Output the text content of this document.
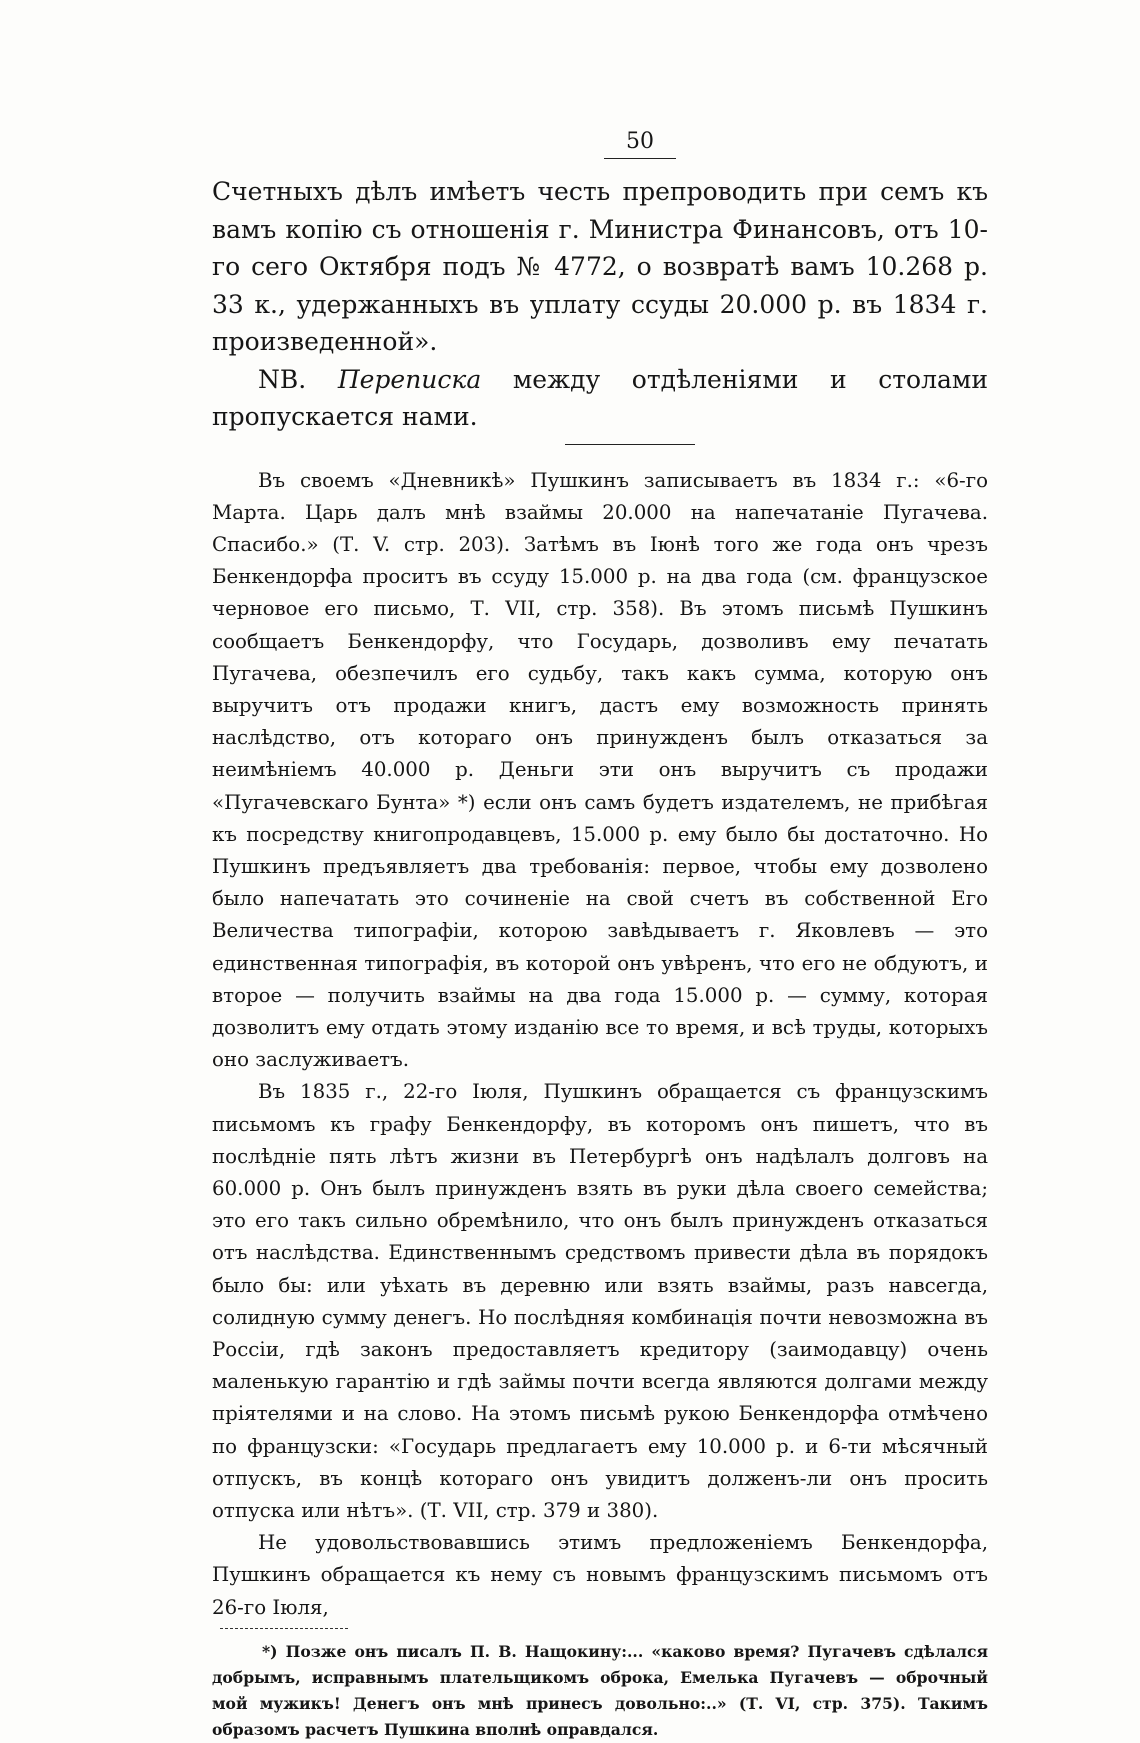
50

Счетныхъ дѣлъ имѣетъ честь препроводить при семъ къ вамъ копію съ отношенія г. Министра Финансовъ, отъ 10-го сего Октября подъ № 4772, о возвратѣ вамъ 10.268 р. 33 к., удержанныхъ въ уплату ссуды 20.000 р. въ 1834 г. произведенной».

NB. Переписка между отдѣленіями и столами пропускается нами.

Въ своемъ «Дневникѣ» Пушкинъ записываетъ въ 1834 г.: «6-го Марта. Царь далъ мнѣ взаймы 20.000 на напечатаніе Пугачева. Спасибо.» (Т. V. стр. 203). Затѣмъ въ Іюнѣ того же года онъ чрезъ Бенкендорфа проситъ въ ссуду 15.000 р. на два года (см. французское черновое его письмо, Т. VII, стр. 358). Въ этомъ письмѣ Пушкинъ сообщаетъ Бенкендорфу, что Государь, дозволивъ ему печатать Пугачева, обезпечилъ его судьбу, такъ какъ сумма, которую онъ выручитъ отъ продажи книгъ, дастъ ему возможность принять наслѣдство, отъ котораго онъ принужденъ былъ отказаться за неимѣніемъ 40.000 р. Деньги эти онъ выручитъ съ продажи «Пугачевскаго Бунта» *) если онъ самъ будетъ издателемъ, не прибѣгая къ посредству книгопродавцевъ, 15.000 р. ему было бы достаточно. Но Пушкинъ предъявляетъ два требованія: первое, чтобы ему дозволено было напечатать это сочиненіе на свой счетъ въ собственной Его Величества типографіи, которою завѣдываетъ г. Яковлевъ — это единственная типографія, въ которой онъ увѣренъ, что его не обдуютъ, и второе — получить взаймы на два года 15.000 р. — сумму, которая дозволитъ ему отдать этому изданію все то время, и всѣ труды, которыхъ оно заслуживаетъ.

Въ 1835 г., 22-го Іюля, Пушкинъ обращается съ французскимъ письмомъ къ графу Бенкендорфу, въ которомъ онъ пишетъ, что въ послѣдніе пять лѣтъ жизни въ Петербургѣ онъ надѣлалъ долговъ на 60.000 р. Онъ былъ принужденъ взять въ руки дѣла своего семейства; это его такъ сильно обремѣнило, что онъ былъ принужденъ отказаться отъ наслѣдства. Единственнымъ средствомъ привести дѣла въ порядокъ было бы: или уѣхать въ деревню или взять взаймы, разъ навсегда, солидную сумму денегъ. Но послѣдняя комбинація почти невозможна въ Россіи, гдѣ законъ предоставляетъ кредитору (заимодавцу) очень маленькую гарантію и гдѣ займы почти всегда являются долгами между пріятелями и на слово. На этомъ письмѣ рукою Бенкендорфа отмѣчено по французски: «Государь предлагаетъ ему 10.000 р. и 6-ти мѣсячный отпускъ, въ концѣ котораго онъ увидитъ долженъ-ли онъ просить отпуска или нѣтъ». (Т. VII, стр. 379 и 380).

Не удовольствовавшись этимъ предложеніемъ Бенкендорфа, Пушкинъ обращается къ нему съ новымъ французскимъ письмомъ отъ 26-го Іюля,

*) Позже онъ писалъ П. В. Нащокину:... «каково время? Пугачевъ сдѣлался добрымъ, исправнымъ плательщикомъ оброка, Емелька Пугачевъ — оброчный мой мужикъ! Денегъ онъ мнѣ принесъ довольно:..» (Т. VI, стр. 375). Такимъ образомъ расчетъ Пушкина вполнѣ оправдался.
